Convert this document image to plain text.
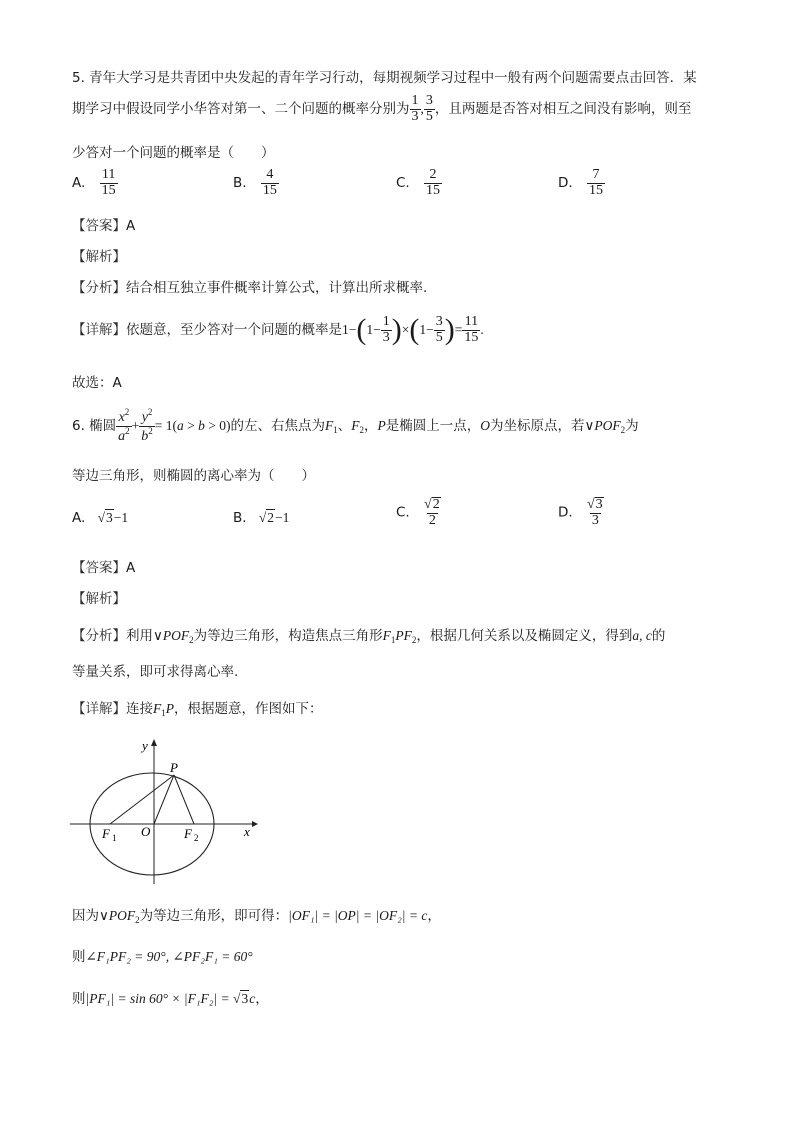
5. 青年大学习是共青团中央发起的青年学习行动，每期视频学习过程中一般有两个问题需要点击回答．某
期学习中假设同学小华答对第一、二个问题的概率分别为 $\frac{1}{3}$ , $\frac{3}{5}$ ，且两题是否答对相互之间没有影响，则至
少答对一个问题的概率是（　　）
A. $\frac{11}{15}$	B. $\frac{4}{15}$	C. $\frac{2}{15}$	D. $\frac{7}{15}$
【答案】A
【解析】
【分析】结合相互独立事件概率计算公式，计算出所求概率.
【详解】依题意，至少答对一个问题的概率是$1-(1- \frac{1}{3} )\times(1- \frac{3}{5}$ )= $\frac{11}{15}$ .
故选：A
6. 椭圆 $\frac{x^2}{a^2} + \frac{y^2}{b^2} = 1(a > b > 0)$的左、右焦点为$F_1$、$F_2$，P是椭圆上一点，O为坐标原点，若$\vee POF_2$为
等边三角形，则椭圆的离心率为（　　）
A. √3−1	B. √2−1	C. $\frac{√2}{2}$	D. $\frac{√3}{3}$
【答案】A
【解析】
【分析】利用$\vee POF_2$为等边三角形，构造焦点三角形$F_1PF_2$，根据几何关系以及椭圆定义，得到a, c的
等量关系，即可求得离心率.
【详解】连接$F_1P$，根据题意，作图如下：
y
P
O
F 1	F 2	x
因为$\vee POF_2$为等边三角形，即可得：|OF₁| = |OP| = |OF₂| = c，
则∠F₁PF₂ = 90°, ∠PF₂F₁ = 60°
则|PF₁| = sin 60° × |F₁F₂| = √3c，
